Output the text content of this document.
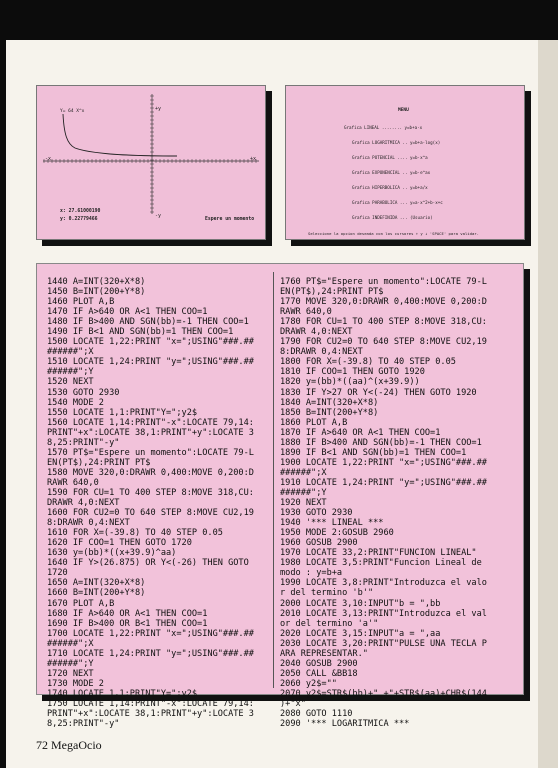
Y= 64 X^x	+y
-x	+x
-y
x: 27.61000190
y: 0.22779466	Espere un momento
MENU
Grafica LINEAL ........ y=b+a·x
Grafica LOGARITMICA .. y=b+a·log(x)
Grafica POTENCIAL .... y=b·x^a
Grafica EXPONENCIAL .. y=b·e^ax
Grafica HIPERBOLICA .. y=b+a/x
Grafica PARABOLICA ... y=a·x^2+b·x+c
Grafica INDEFINIDA ... (Usuario)
Seleccione la opcion deseada con los cursores ↑ y ↓ 'SPACE' para validar.
1440 A=INT(320+X*8)
1450 B=INT(200+Y*8)
1460 PLOT A,B
1470 IF A>640 OR A<1 THEN COO=1
1480 IF B>400 AND SGN(bb)=-1 THEN COO=1
1490 IF B<1 AND SGN(bb)=1 THEN COO=1
1500 LOCATE 1,22:PRINT "x=";USING"###.##
######";X
1510 LOCATE 1,24:PRINT "y=";USING"###.##
######";Y
1520 NEXT
1530 GOTO 2930
1540 MODE 2
1550 LOCATE 1,1:PRINT"Y=";y2$
1560 LOCATE 1,14:PRINT"-x":LOCATE 79,14:
PRINT"+x":LOCATE 38,1:PRINT"+y":LOCATE 3
8,25:PRINT"-y"
1570 PT$="Espere un momento":LOCATE 79-L
EN(PT$),24:PRINT PT$
1580 MOVE 320,0:DRAWR 0,400:MOVE 0,200:D
RAWR 640,0
1590 FOR CU=1 TO 400 STEP 8:MOVE 318,CU:
DRAWR 4,0:NEXT
1600 FOR CU2=0 TO 640 STEP 8:MOVE CU2,19
8:DRAWR 0,4:NEXT
1610 FOR X=(-39.8) TO 40 STEP 0.05
1620 IF COO=1 THEN GOTO 1720
1630 y=(bb)*((x+39.9)^aa)
1640 IF Y>(26.875) OR Y<(-26) THEN GOTO
1720
1650 A=INT(320+X*8)
1660 B=INT(200+Y*8)
1670 PLOT A,B
1680 IF A>640 OR A<1 THEN COO=1
1690 IF B>400 OR B<1 THEN COO=1
1700 LOCATE 1,22:PRINT "x=";USING"###.##
######";X
1710 LOCATE 1,24:PRINT "y=";USING"###.##
######";Y
1720 NEXT
1730 MODE 2
1740 LOCATE 1,1:PRINT"Y=";y2$
1750 LOCATE 1,14:PRINT"-x":LOCATE 79,14:
PRINT"+x":LOCATE 38,1:PRINT"+y":LOCATE 3
8,25:PRINT"-y"
1760 PT$="Espere un momento":LOCATE 79-L
EN(PT$),24:PRINT PT$
1770 MOVE 320,0:DRAWR 0,400:MOVE 0,200:D
RAWR 640,0
1780 FOR CU=1 TO 400 STEP 8:MOVE 318,CU:
DRAWR 4,0:NEXT
1790 FOR CU2=0 TO 640 STEP 8:MOVE CU2,19
8:DRAWR 0,4:NEXT
1800 FOR X=(-39.8) TO 40 STEP 0.05
1810 IF COO=1 THEN GOTO 1920
1820 y=(bb)*((aa)^(x+39.9))
1830 IF Y>27 OR Y<(-24) THEN GOTO 1920
1840 A=INT(320+X*8)
1850 B=INT(200+Y*8)
1860 PLOT A,B
1870 IF A>640 OR A<1 THEN COO=1
1880 IF B>400 AND SGN(bb)=-1 THEN COO=1
1890 IF B<1 AND SGN(bb)=1 THEN COO=1
1900 LOCATE 1,22:PRINT "x=";USING"###.##
######";X
1910 LOCATE 1,24:PRINT "y=";USING"###.##
######";Y
1920 NEXT
1930 GOTO 2930
1940 '*** LINEAL ***
1950 MODE 2:GOSUB 2960
1960 GOSUB 2900
1970 LOCATE 33,2:PRINT"FUNCION LINEAL"
1980 LOCATE 3,5:PRINT"Funcion Lineal de
modo : y=b+a
1990 LOCATE 3,8:PRINT"Introduzca el valo
r del termino 'b'"
2000 LOCATE 3,10:INPUT"b = ",bb
2010 LOCATE 3,13:PRINT"Introduzca el val
or del termino 'a'"
2020 LOCATE 3,15:INPUT"a = ",aa
2030 LOCATE 3,20:PRINT"PULSE UNA TECLA P
ARA REPRESENTAR."
2040 GOSUB 2900
2050 CALL &BB18
2060 y2$=""
2070 y2$=STR$(bb)+" +"+STR$(aa)+CHR$(144
)+"x"
2080 GOTO 1110
2090 '*** LOGARITMICA ***
72 MegaOcio
